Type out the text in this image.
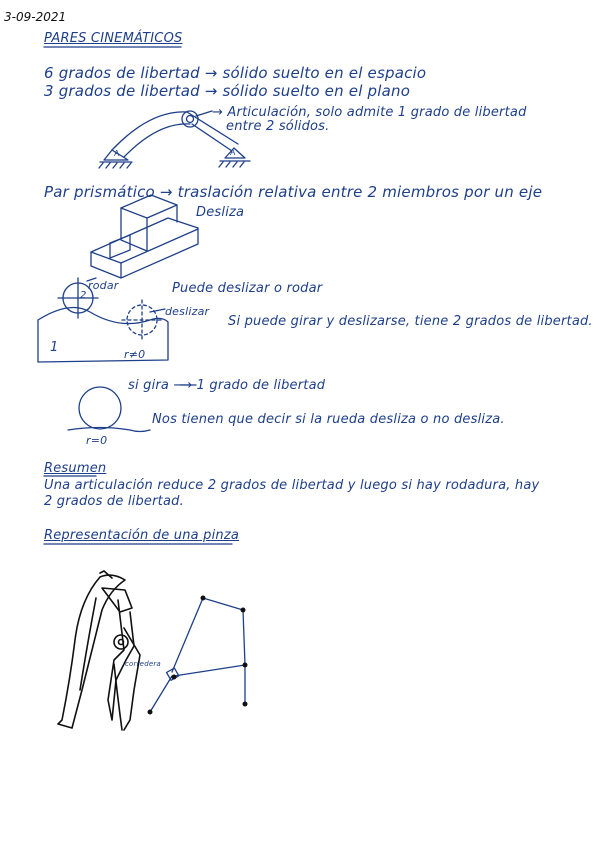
3-09-2021
PARES CINEMÁTICOS
6 grados de libertad → sólido suelto en el espacio
3 grados de libertad → sólido suelto en el plano
→ Articulación, solo admite 1 grado de libertad
entre 2 sólidos.
Par prismático → traslación relativa entre 2 miembros por un eje
Desliza
rodar	Puede deslizar o rodar
deslizar
Si puede girar y deslizarse, tiene 2 grados de libertad.
1	r≠0
2
si gira ⟶ 1 grado de libertad
Nos tienen que decir si la rueda desliza o no desliza.
r=0
Resumen
Una articulación reduce 2 grados de libertad y luego si hay rodadura, hay
2 grados de libertad.
Representación de una pinza
corredera
A	A
